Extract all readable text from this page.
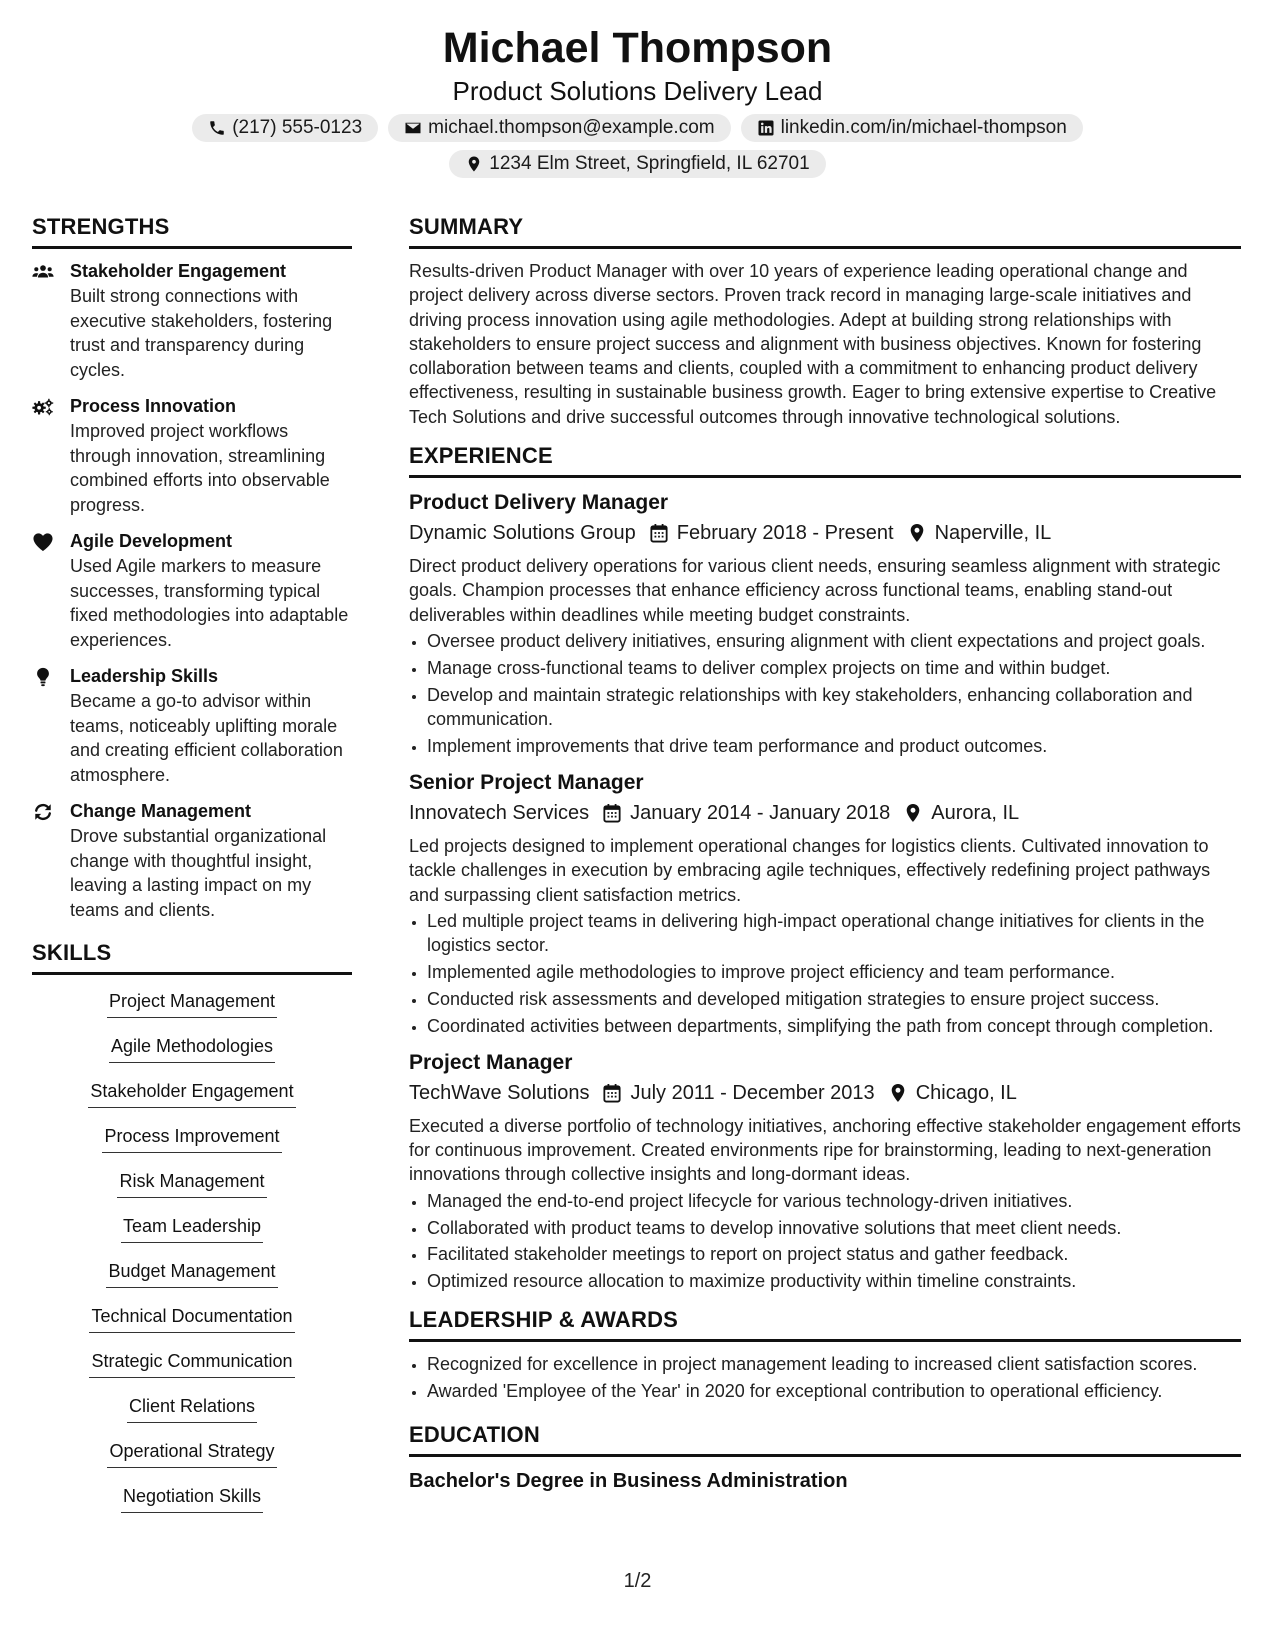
Michael Thompson
Product Solutions Delivery Lead
(217) 555-0123	michael.thompson@example.com	linkedin.com/in/michael-thompson
1234 Elm Street, Springfield, IL 62701
STRENGTHS
Stakeholder Engagement
Built strong connections with executive stakeholders, fostering trust and transparency during cycles.
Process Innovation
Improved project workflows through innovation, streamlining combined efforts into observable progress.
Agile Development
Used Agile markers to measure successes, transforming typical fixed methodologies into adaptable experiences.
Leadership Skills
Became a go-to advisor within teams, noticeably uplifting morale and creating efficient collaboration atmosphere.
Change Management
Drove substantial organizational change with thoughtful insight, leaving a lasting impact on my teams and clients.
SKILLS
Project Management
Agile Methodologies
Stakeholder Engagement
Process Improvement
Risk Management
Team Leadership
Budget Management
Technical Documentation
Strategic Communication
Client Relations
Operational Strategy
Negotiation Skills
SUMMARY

Results-driven Product Manager with over 10 years of experience leading operational change and project delivery across diverse sectors. Proven track record in managing large-scale initiatives and driving process innovation using agile methodologies. Adept at building strong relationships with stakeholders to ensure project success and alignment with business objectives. Known for fostering collaboration between teams and clients, coupled with a commitment to enhancing product delivery effectiveness, resulting in sustainable business growth. Eager to bring extensive expertise to Creative Tech Solutions and drive successful outcomes through innovative technological solutions.

EXPERIENCE
Product Delivery Manager
Dynamic Solutions Group February 2018 - Present Naperville, IL
Direct product delivery operations for various client needs, ensuring seamless alignment with strategic goals. Champion processes that enhance efficiency across functional teams, enabling stand-out deliverables within deadlines while meeting budget constraints.
• Oversee product delivery initiatives, ensuring alignment with client expectations and project goals.
• Manage cross-functional teams to deliver complex projects on time and within budget.
• Develop and maintain strategic relationships with key stakeholders, enhancing collaboration and communication.
• Implement improvements that drive team performance and product outcomes.
Senior Project Manager
Innovatech Services January 2014 - January 2018 Aurora, IL
Led projects designed to implement operational changes for logistics clients. Cultivated innovation to tackle challenges in execution by embracing agile techniques, effectively redefining project pathways and surpassing client satisfaction metrics.
• Led multiple project teams in delivering high-impact operational change initiatives for clients in the logistics sector.
• Implemented agile methodologies to improve project efficiency and team performance.
• Conducted risk assessments and developed mitigation strategies to ensure project success.
• Coordinated activities between departments, simplifying the path from concept through completion.
Project Manager
TechWave Solutions July 2011 - December 2013 Chicago, IL
Executed a diverse portfolio of technology initiatives, anchoring effective stakeholder engagement efforts for continuous improvement. Created environments ripe for brainstorming, leading to next-generation innovations through collective insights and long-dormant ideas.
• Managed the end-to-end project lifecycle for various technology-driven initiatives.
• Collaborated with product teams to develop innovative solutions that meet client needs.
• Facilitated stakeholder meetings to report on project status and gather feedback.
• Optimized resource allocation to maximize productivity within timeline constraints.
LEADERSHIP & AWARDS
• Recognized for excellence in project management leading to increased client satisfaction scores.
• Awarded 'Employee of the Year' in 2020 for exceptional contribution to operational efficiency.
EDUCATION
Bachelor's Degree in Business Administration
1/2
